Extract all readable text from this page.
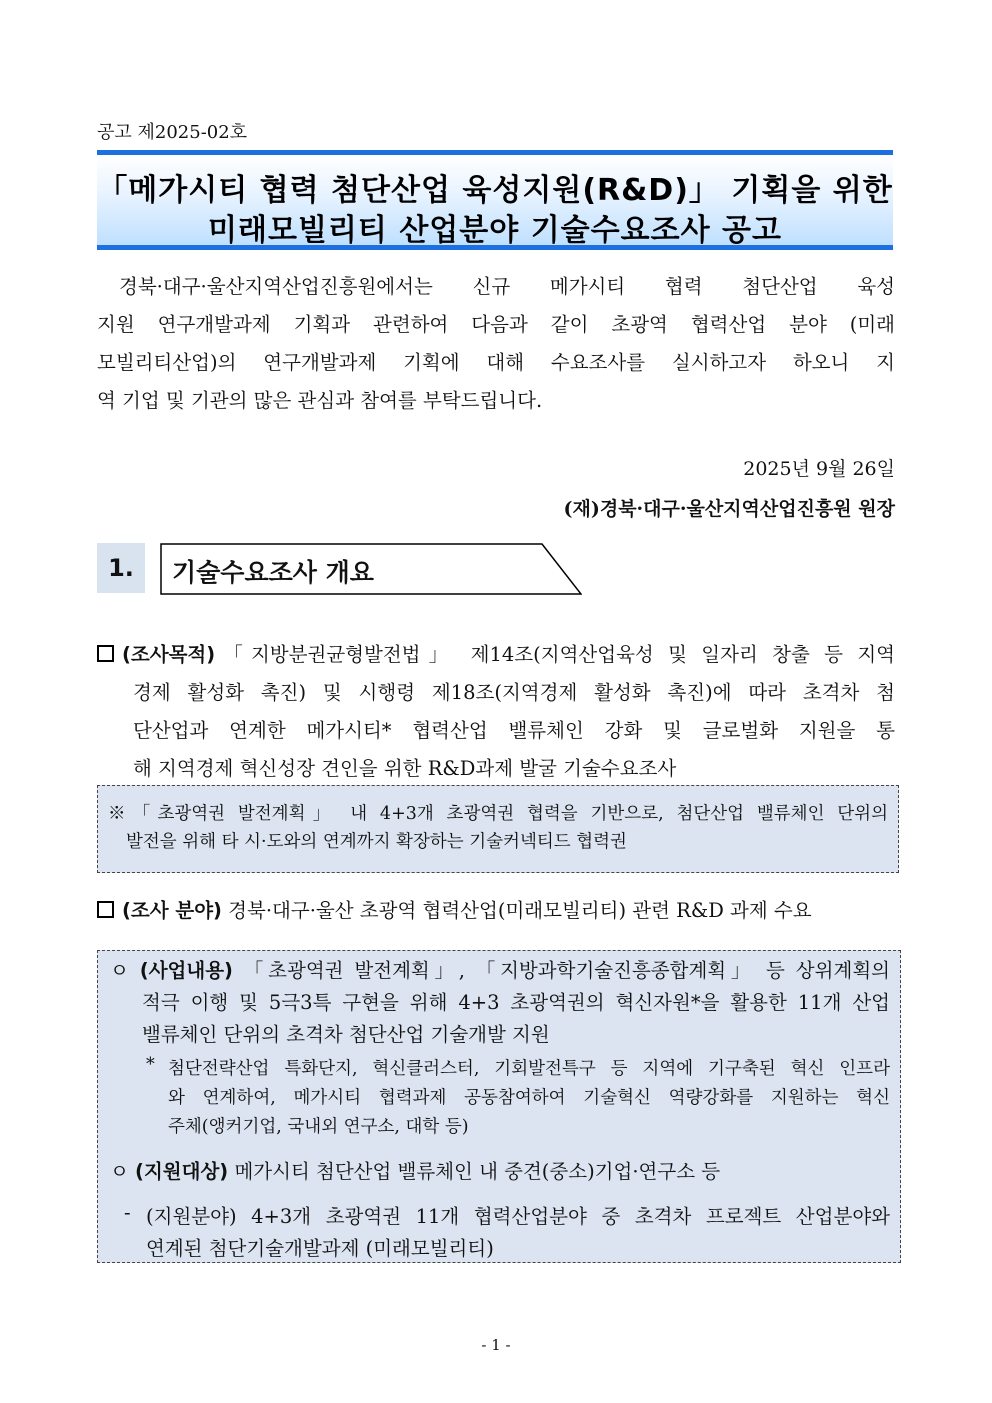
공고 제2025-02호
「메가시티 협력 첨단산업 육성지원(R&D)」 기획을 위한
미래모빌리티 산업분야 기술수요조사 공고
경북·대구·울산지역산업진흥원에서는 신규 메가시티 협력 첨단산업 육성
지원 연구개발과제 기획과 관련하여 다음과 같이 초광역 협력산업 분야 (미래
모빌리티산업)의 연구개발과제 기획에 대해 수요조사를 실시하고자 하오니 지
역 기업 및 기관의 많은 관심과 참여를 부탁드립니다.
2025년 9월 26일
(재)경북·대구·울산지역산업진흥원 원장
1.	기술수요조사 개요
(조사목적)「지방분권균형발전법」 제14조(지역산업육성 및 일자리 창출 등 지역
경제 활성화 촉진) 및 시행령 제18조(지역경제 활성화 촉진)에 따라 초격차 첨
단산업과 연계한 메가시티* 협력산업 밸류체인 강화 및 글로벌화 지원을 통
해 지역경제 혁신성장 견인을 위한 R&D과제 발굴 기술수요조사
※「초광역권 발전계획」 내 4+3개 초광역권 협력을 기반으로, 첨단산업 밸류체인 단위의
발전을 위해 타 시·도와의 연계까지 확장하는 기술커넥티드 협력권
(조사 분야) 경북·대구·울산 초광역 협력산업(미래모빌리티) 관련 R&D 과제 수요
ㅇ (사업내용) 「초광역권 발전계획」, 「지방과학기술진흥종합계획」 등 상위계획의
적극 이행 및 5극3특 구현을 위해 4+3 초광역권의 혁신자원*을 활용한 11개 산업
밸류체인 단위의 초격차 첨단산업 기술개발 지원
* 첨단전략산업 특화단지, 혁신클러스터, 기회발전특구 등 지역에 기구축된 혁신 인프라
와 연계하여, 메가시티 협력과제 공동참여하여 기술혁신 역량강화를 지원하는 혁신
주체(앵커기업, 국내외 연구소, 대학 등)
ㅇ (지원대상) 메가시티 첨단산업 밸류체인 내 중견(중소)기업·연구소 등
- (지원분야) 4+3개 초광역권 11개 협력산업분야 중 초격차 프로젝트 산업분야와
연계된 첨단기술개발과제 (미래모빌리티)
- 1 -
